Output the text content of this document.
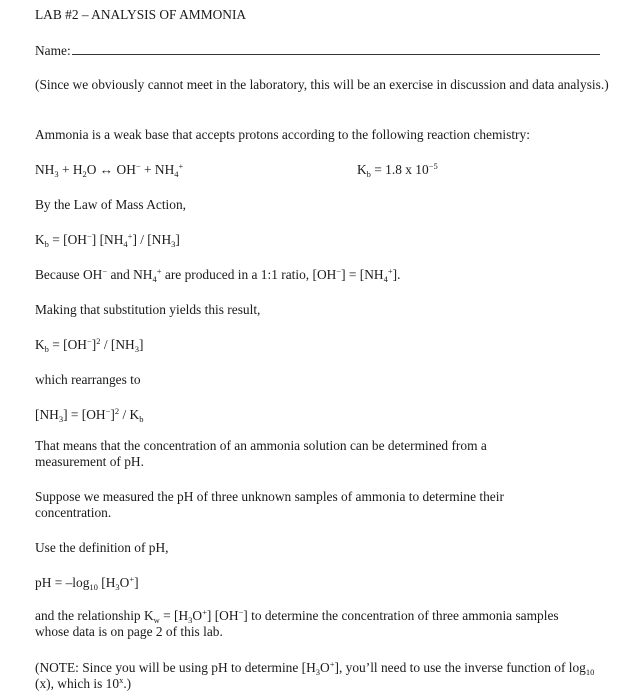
LAB #2 – ANALYSIS OF AMMONIA
Name:
(Since we obviously cannot meet in the laboratory, this will be an exercise in discussion and data analysis.)
Ammonia is a weak base that accepts protons according to the following reaction chemistry:
$NH_3 + H_2O$ ↔ $OH^- + NH_4^+$	$K_b = 1.8$ x $10^{-5}$
By the Law of Mass Action,
$K_b = [OH^-]$ $[NH_4^+] / [NH_3]$
Because OH− and $NH_4^+$ are produced in a 1:1 ratio, $[OH^-] = [NH_4^+]$.
Making that substitution yields this result,
$K_b = [OH^-]^2 / [NH_3]$
which rearranges to
$[NH_3] = [OH^-]^2 / K_b$
That means that the concentration of an ammonia solution can be determined from a measurement of pH.
Suppose we measured the pH of three unknown samples of ammonia to determine their concentration.
Use the definition of pH,
pH = $-\log_{10}$ $[H_3O^+]$
and the relationship $K_w = [H_3O^+]$ [OH−] to determine the concentration of three ammonia samples whose data is on page 2 of this lab.
(NOTE: Since you will be using pH to determine $[H_3O^+]$, you’ll need to use the inverse function of $\log_{10} (x)$, which is 10$^x$.)
